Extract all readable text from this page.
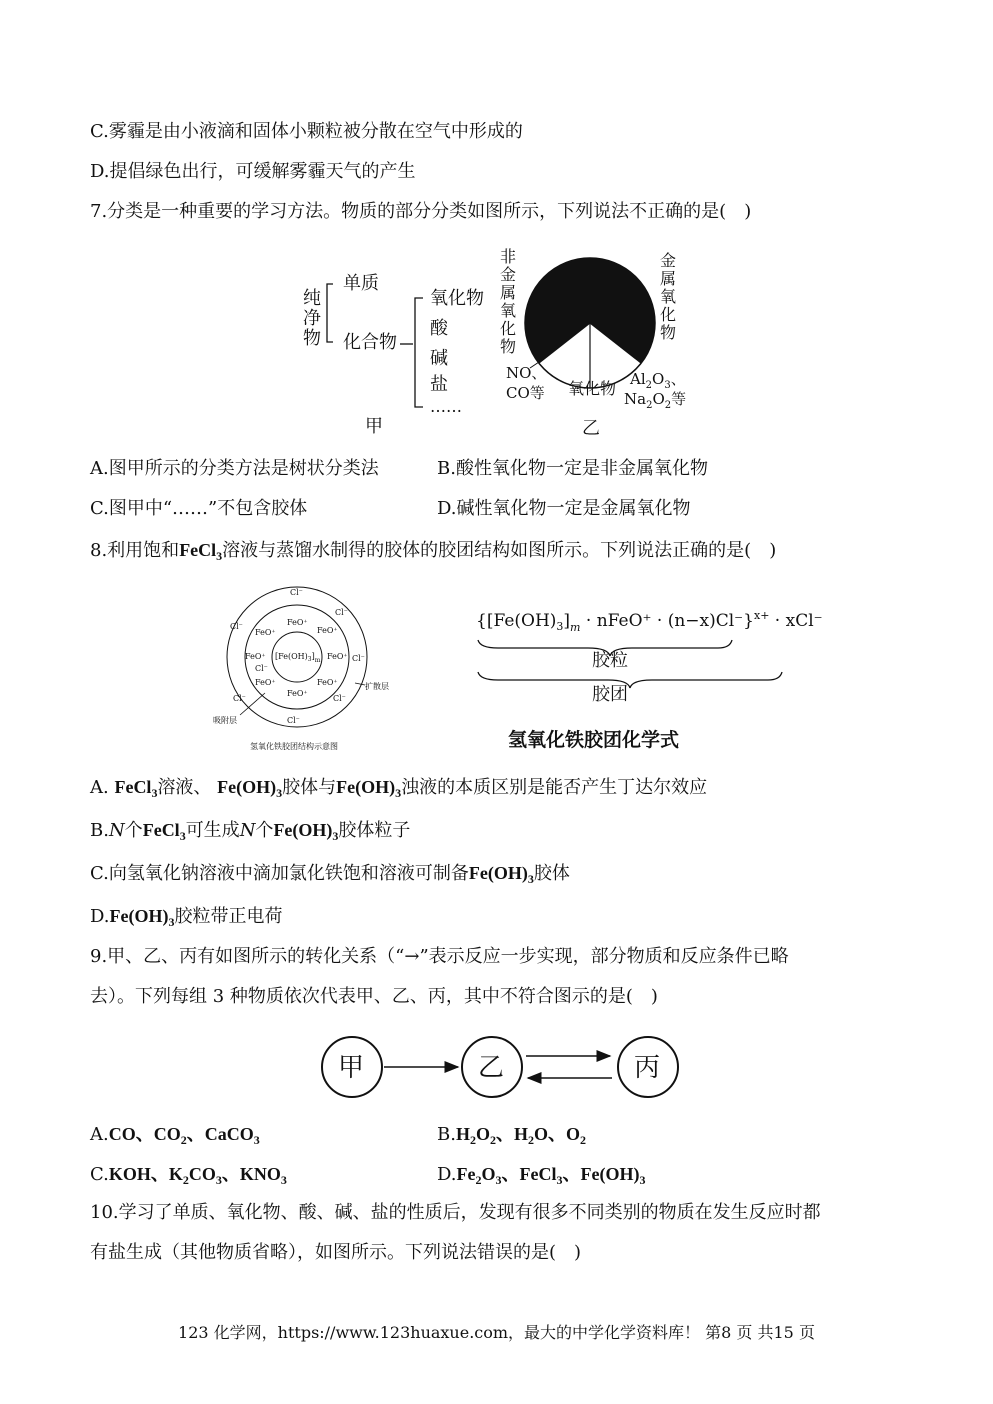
C.雾霾是由小液滴和固体小颗粒被分散在空气中形成的
D.提倡绿色出行，可缓解雾霾天气的产生
7.分类是一种重要的学习方法。物质的部分分类如图所示，下列说法不正确的是(　)
纯
净
物
单质
化合物
氧化物
酸
碱
盐
……
甲
非
金
属
氧
化
物
金
属
氧
化
物
NO、
CO等 氧化物 $Al_2O_3$、
$Na_2O_2$等
乙
A.图甲所示的分类方法是树状分类法	B.酸性氧化物一定是非金属氧化物
C.图甲中“……”不包含胶体	D.碱性氧化物一定是金属氧化物
8.利用饱和FeCl$_3$溶液与蒸馏水制得的胶体的胶团结构如图所示。下列说法正确的是(　)
$[Fe(OH)_3]_m$
FeO⁺
FeO⁺	FeO⁺
FeO⁺	FeO⁺
FeO⁺	FeO⁺
FeO⁺
Cl⁻
Cl⁻
Cl⁻
Cl⁻
Cl⁻
Cl⁻	Cl⁻
Cl⁻
扩散层
吸附层
氢氧化铁胶团结构示意图
{$[Fe(OH)_3]_m$ · nFeO⁺ · (n−x)Cl⁻}$^{x+}$ · xCl⁻
胶粒
胶团
氢氧化铁胶团化学式
A. FeCl$_3$溶液、 $Fe(OH)_3$胶体与$Fe(OH)_3$浊液的本质区别是能否产生丁达尔效应
B.N个FeCl$_3$可生成N个$Fe(OH)_3$胶体粒子
C.向氢氧化钠溶液中滴加氯化铁饱和溶液可制备$Fe(OH)_3$胶体
$D.Fe(OH)_3$胶粒带正电荷
9.甲、乙、丙有如图所示的转化关系（“→”表示反应一步实现，部分物质和反应条件已略
去）。下列每组 3 种物质依次代表甲、乙、丙，其中不符合图示的是(　)
甲	乙	丙
A.CO、$CO_2$、CaCO$_3$	$B.H_2O_2$、$H_2O$、$O_2$
C.KOH、$K_2CO_3$、$KNO_3$	$D.Fe_2O_3$、FeCl$_3$、$Fe(OH)_3$
10.学习了单质、氧化物、酸、碱、盐的性质后，发现有很多不同类别的物质在发生反应时都
有盐生成（其他物质省略），如图所示。下列说法错误的是(　)
123 化学网，https://www.123huaxue.com，最大的中学化学资料库！ 第8 页 共15 页
